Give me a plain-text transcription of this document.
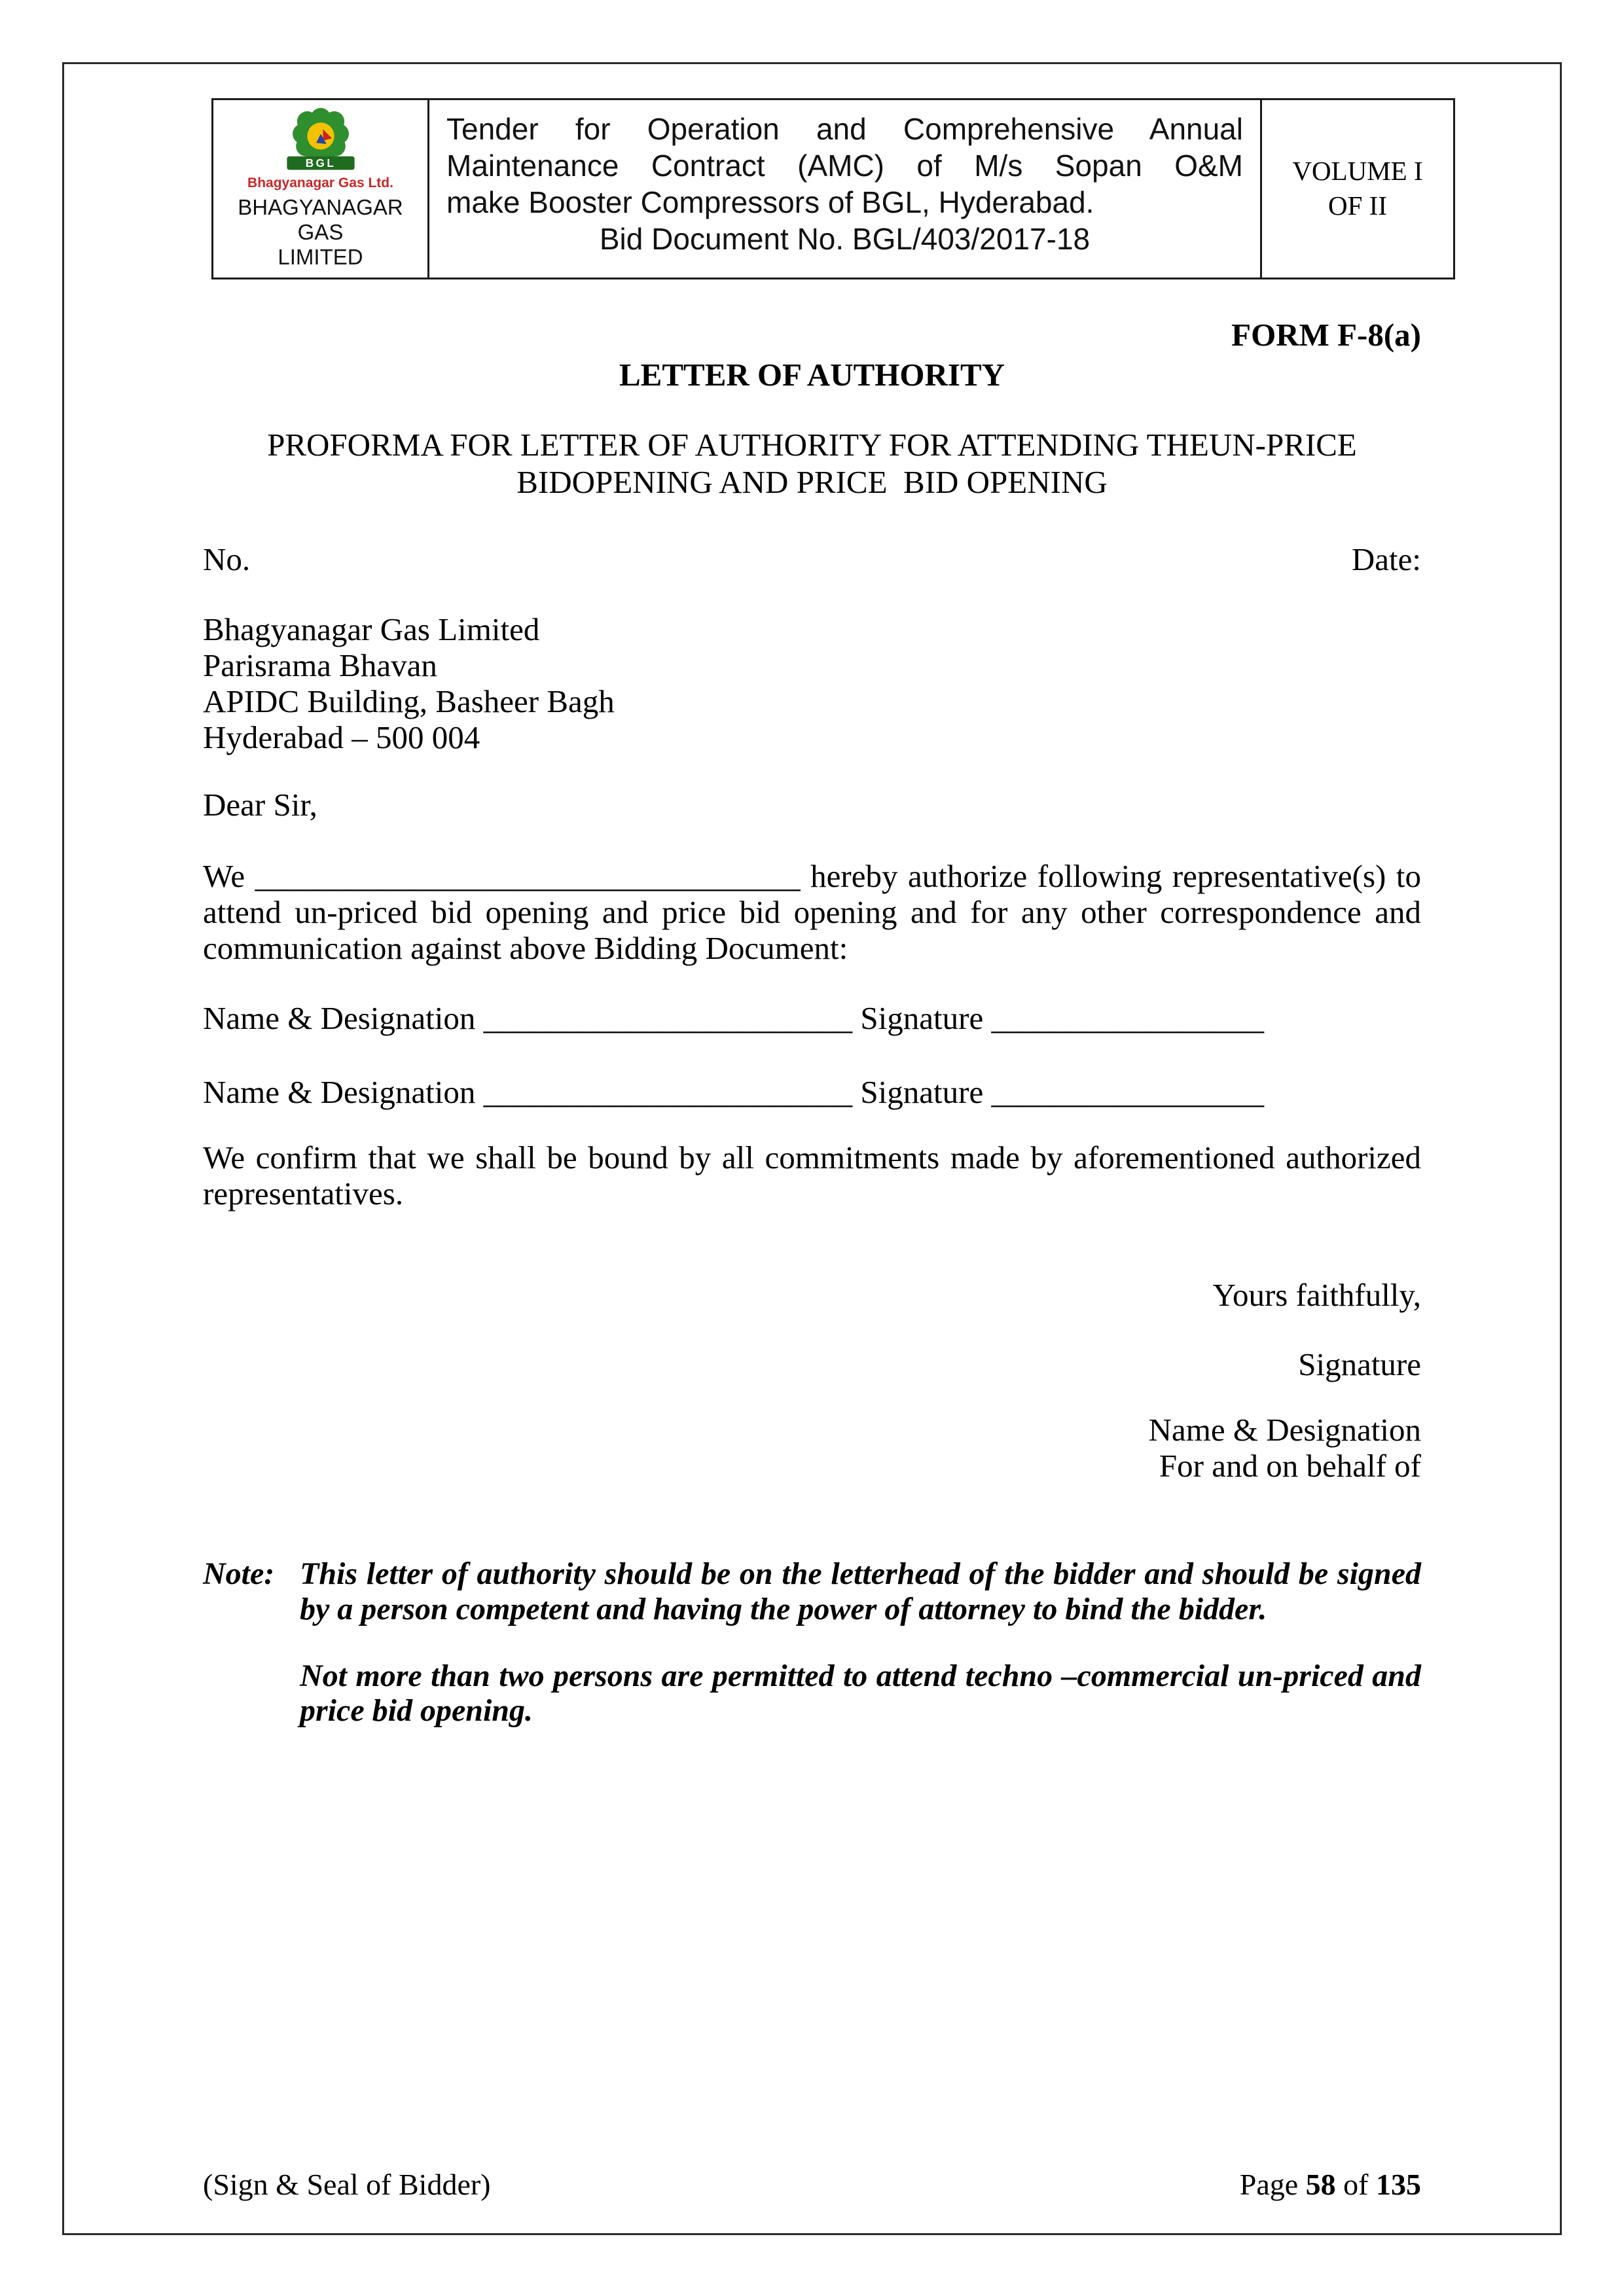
BGL
Bhagyanagar Gas Ltd.
BHAGYANAGAR GAS
LIMITED
Tender for Operation and Comprehensive Annual
Maintenance Contract (AMC) of M/s Sopan O&M
make Booster Compressors of BGL, Hyderabad.
Bid Document No. BGL/403/2017-18
VOLUME I
OF II
FORM F-8(a)
LETTER OF AUTHORITY
PROFORMA FOR LETTER OF AUTHORITY FOR ATTENDING THEUN-PRICE
BIDOPENING AND PRICE  BID OPENING
No.	Date:
Bhagyanagar Gas Limited
Parisrama Bhavan
APIDC Building, Basheer Bagh
Hyderabad – 500 004
Dear Sir,

We __________________________________ hereby authorize following representative(s) to attend un-priced bid opening and price bid opening and for any other correspondence and communication against above Bidding Document:

Name & Designation _______________________ Signature _________________
Name & Designation _______________________ Signature _________________

We confirm that we shall be bound by all commitments made by aforementioned authorized representatives.

Yours faithfully,
Signature
Name & Designation
For and on behalf of
Note: This letter of authority should be on the letterhead of the bidder and should be signed by a person competent and having the power of attorney to bind the bidder.

Not more than two persons are permitted to attend techno –commercial un-priced and price bid opening.

(Sign & Seal of Bidder)	Page 58 of 135
